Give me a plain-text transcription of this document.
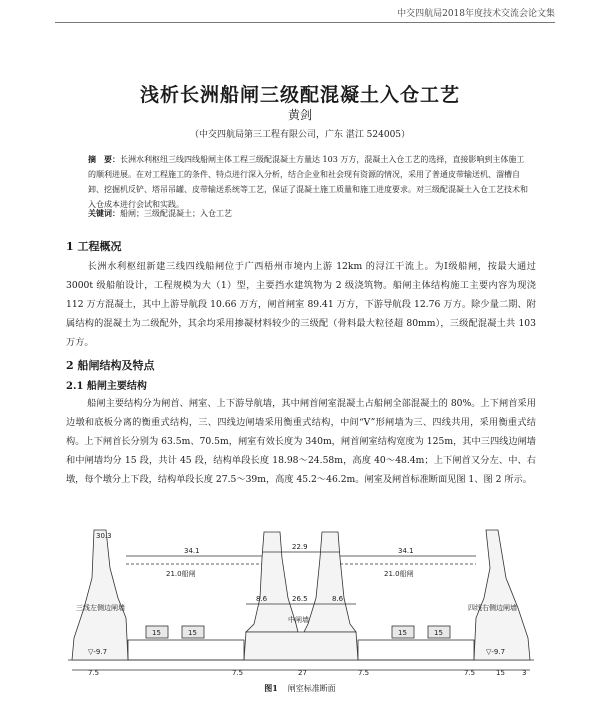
中交四航局2018年度技术交流会论文集
浅析长洲船闸三级配混凝土入仓工艺
黄剑
（中交四航局第三工程有限公司，广东 湛江 524005）
摘　要：长洲水利枢纽三线四线船闸主体工程三级配混凝土方量达 103 万方，混凝土入仓工艺的选择，直接影响到主体施工的顺利进展。在对工程施工的条件、特点进行深入分析，结合企业和社会现有资源的情况，采用了普通皮带输送机、溜槽自卸、挖掘机反铲、塔吊吊罐、皮带输送系统等工艺，保证了混凝土施工质量和施工进度要求。对三级配混凝土入仓工艺技术和入仓成本进行会试和实践。
关键词：船闸；三级配混凝土；入仓工艺
1 工程概况
长洲水利枢纽新建三线四线船闸位于广西梧州市境内上游 12km 的浔江干流上。为Ⅰ级船闸，按最大通过 3000t 级船舶设计，工程规模为大（1）型，主要挡水建筑物为 2 级浇筑物。船闸主体结构施工主要内容为现浇 112 万方混凝土，其中上游导航段 10.66 万方，闸首闸室 89.41 万方，下游导航段 12.76 万方。除少量二期、附属结构的混凝土为二级配外，其余均采用掺凝材料较少的三级配（骨料最大粒径超 80mm），三级配混凝土共 103 万方。
2 船闸结构及特点
2.1 船闸主要结构
船闸主要结构分为闸首、闸室、上下游导航墙，其中闸首闸室混凝土占船闸全部混凝土的 80%。上下闸首采用边墩和底板分离的衡重式结构，三、四线边闸墙采用衡重式结构，中间“V”形闸墙为三、四线共用，采用衡重式结构。上下闸首长分别为 63.5m、70.5m，闸室有效长度为 340m，闸首闸室结构宽度为 125m，其中三四线边闸墙和中闸墙均分 15 段，共计 45 段，结构单段长度 18.98～24.58m，高度 40～48.4m；上下闸首又分左、中、右墩，每个墩分上下段，结构单段长度 27.5～39m，高度 45.2～46.2m。闸室及闸首标准断面见图 1、图 2 所示。
30.3
34.1	22.9	34.1
21.0船闸	21.0船闸
8.6	26.5	8.6
三线左侧边闸墙	四线右侧边闸墙
中闸墙
15	15	15	15
▽-9.7	▽-9.7
7.5	7.5	27	7.5	7.5	15 3
图1 闸室标准断面
